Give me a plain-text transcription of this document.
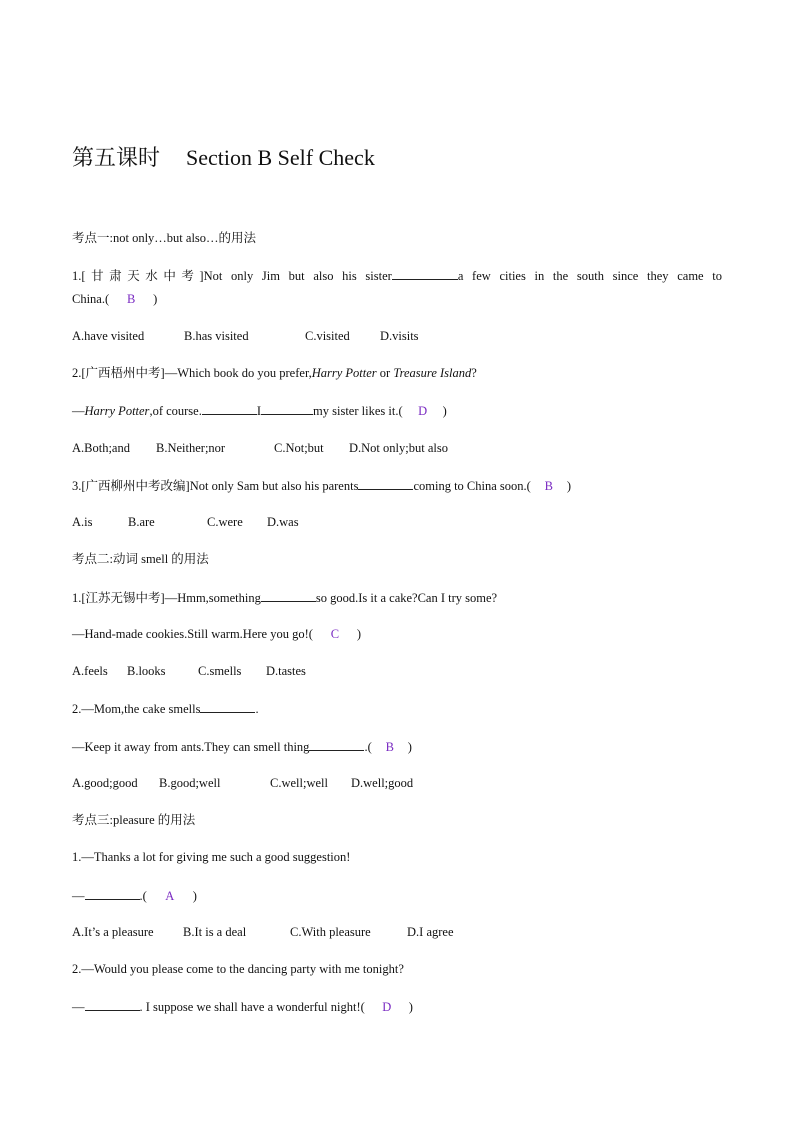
第五课时 Section B Self Check
考点一:not only…but also…的用法
1.[甘肃天水中考]Not only Jim but also his sister	a few cities in the south since they came to
China.( B )
A.have visited	B.has visited	C.visited D.visits
2.[广西梧州中考]—Which book do you prefer,Harry Potter or Treasure Island?
—Harry Potter,of course.	I	my sister likes it.( D )
A.Both;and B.Neither;nor	C.Not;but D.Not only;but also
3.[广西柳州中考改编]Not only Sam but also his parents	coming to China soon.( B )
A.is	B.are	C.were D.was
考点二:动词 smell 的用法
1.[江苏无锡中考]—Hmm,something	so good.Is it a cake?Can I try some?
—Hand-made cookies.Still warm.Here you go!( C )
A.feels B.looks	C.smells D.tastes
2.—Mom,the cake smells	.
—Keep it away from ants.They can smell thing	.( B )
A.good;good B.good;well	C.well;well D.well;good
考点三:pleasure 的用法
1.—Thanks a lot for giving me such a good suggestion!
—	.( A )
A.It’s a pleasure B.It is a deal	C.With pleasure	D.I agree
2.—Would you please come to the dancing party with me tonight?
—	. I suppose we shall have a wonderful night!( D )
